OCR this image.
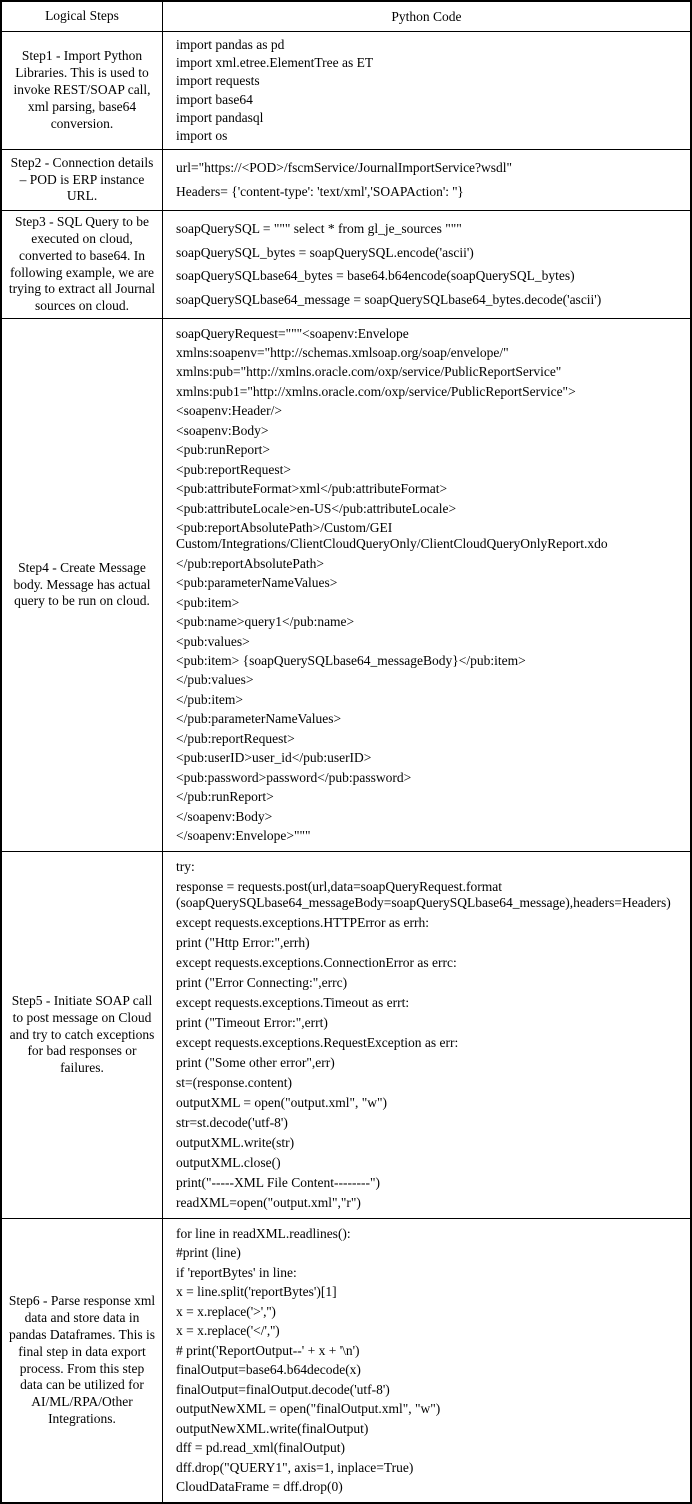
Logical Steps	Python Code
Step1 - Import Python Libraries. This is used to invoke REST/SOAP call, xml parsing, base64 conversion.
import pandas as pd
import xml.etree.ElementTree as ET
import requests
import base64
import pandasql
import os
Step2 - Connection details – POD is ERP instance URL.
url="https://<POD>/fscmService/JournalImportService?wsdl"
Headers= {'content-type': 'text/xml','SOAPAction': ''}
Step3 - SQL Query to be executed on cloud, converted to base64. In following example, we are trying to extract all Journal sources on cloud.
soapQuerySQL = """ select * from gl_je_sources """
soapQuerySQL_bytes = soapQuerySQL.encode('ascii')
soapQuerySQLbase64_bytes = base64.b64encode(soapQuerySQL_bytes)
soapQuerySQLbase64_message = soapQuerySQLbase64_bytes.decode('ascii')
Step4 - Create Message body. Message has actual query to be run on cloud.
soapQueryRequest="""<soapenv:Envelope
xmlns:soapenv="http://schemas.xmlsoap.org/soap/envelope/"
xmlns:pub="http://xmlns.oracle.com/oxp/service/PublicReportService"
xmlns:pub1="http://xmlns.oracle.com/oxp/service/PublicReportService">
<soapenv:Header/>
<soapenv:Body>
<pub:runReport>
<pub:reportRequest>
<pub:attributeFormat>xml</pub:attributeFormat>
<pub:attributeLocale>en-US</pub:attributeLocale>
<pub:reportAbsolutePath>/Custom/GEI Custom/Integrations/ClientCloudQueryOnly/ClientCloudQueryOnlyReport.xdo
</pub:reportAbsolutePath>
<pub:parameterNameValues>
<pub:item>
<pub:name>query1</pub:name>
<pub:values>
<pub:item> {soapQuerySQLbase64_messageBody}</pub:item>
</pub:values>
</pub:item>
</pub:parameterNameValues>
</pub:reportRequest>
<pub:userID>user_id</pub:userID>
<pub:password>password</pub:password>
</pub:runReport>
</soapenv:Body>
</soapenv:Envelope>"""
Step5 - Initiate SOAP call to post message on Cloud and try to catch exceptions for bad responses or failures.
try:
response = requests.post(url,data=soapQueryRequest.format (soapQuerySQLbase64_messageBody=soapQuerySQLbase64_message),headers=Headers)
except requests.exceptions.HTTPError as errh:
print ("Http Error:",errh)
except requests.exceptions.ConnectionError as errc:
print ("Error Connecting:",errc)
except requests.exceptions.Timeout as errt:
print ("Timeout Error:",errt)
except requests.exceptions.RequestException as err:
print ("Some other error",err)
st=(response.content)
outputXML = open("output.xml", "w")
str=st.decode('utf-8')
outputXML.write(str)
outputXML.close()
print("-----XML File Content--------")
readXML=open("output.xml","r")
Step6 - Parse response xml data and store data in pandas Dataframes. This is final step in data export process. From this step data can be utilized for AI/ML/RPA/Other Integrations.
for line in readXML.readlines():
#print (line)
if 'reportBytes' in line:
x = line.split('reportBytes')[1]
x = x.replace('>','')
x = x.replace('</','')
# print('ReportOutput--' + x + '\n')
finalOutput=base64.b64decode(x)
finalOutput=finalOutput.decode('utf-8')
outputNewXML = open("finalOutput.xml", "w")
outputNewXML.write(finalOutput)
dff = pd.read_xml(finalOutput)
dff.drop("QUERY1", axis=1, inplace=True)
CloudDataFrame = dff.drop(0)
